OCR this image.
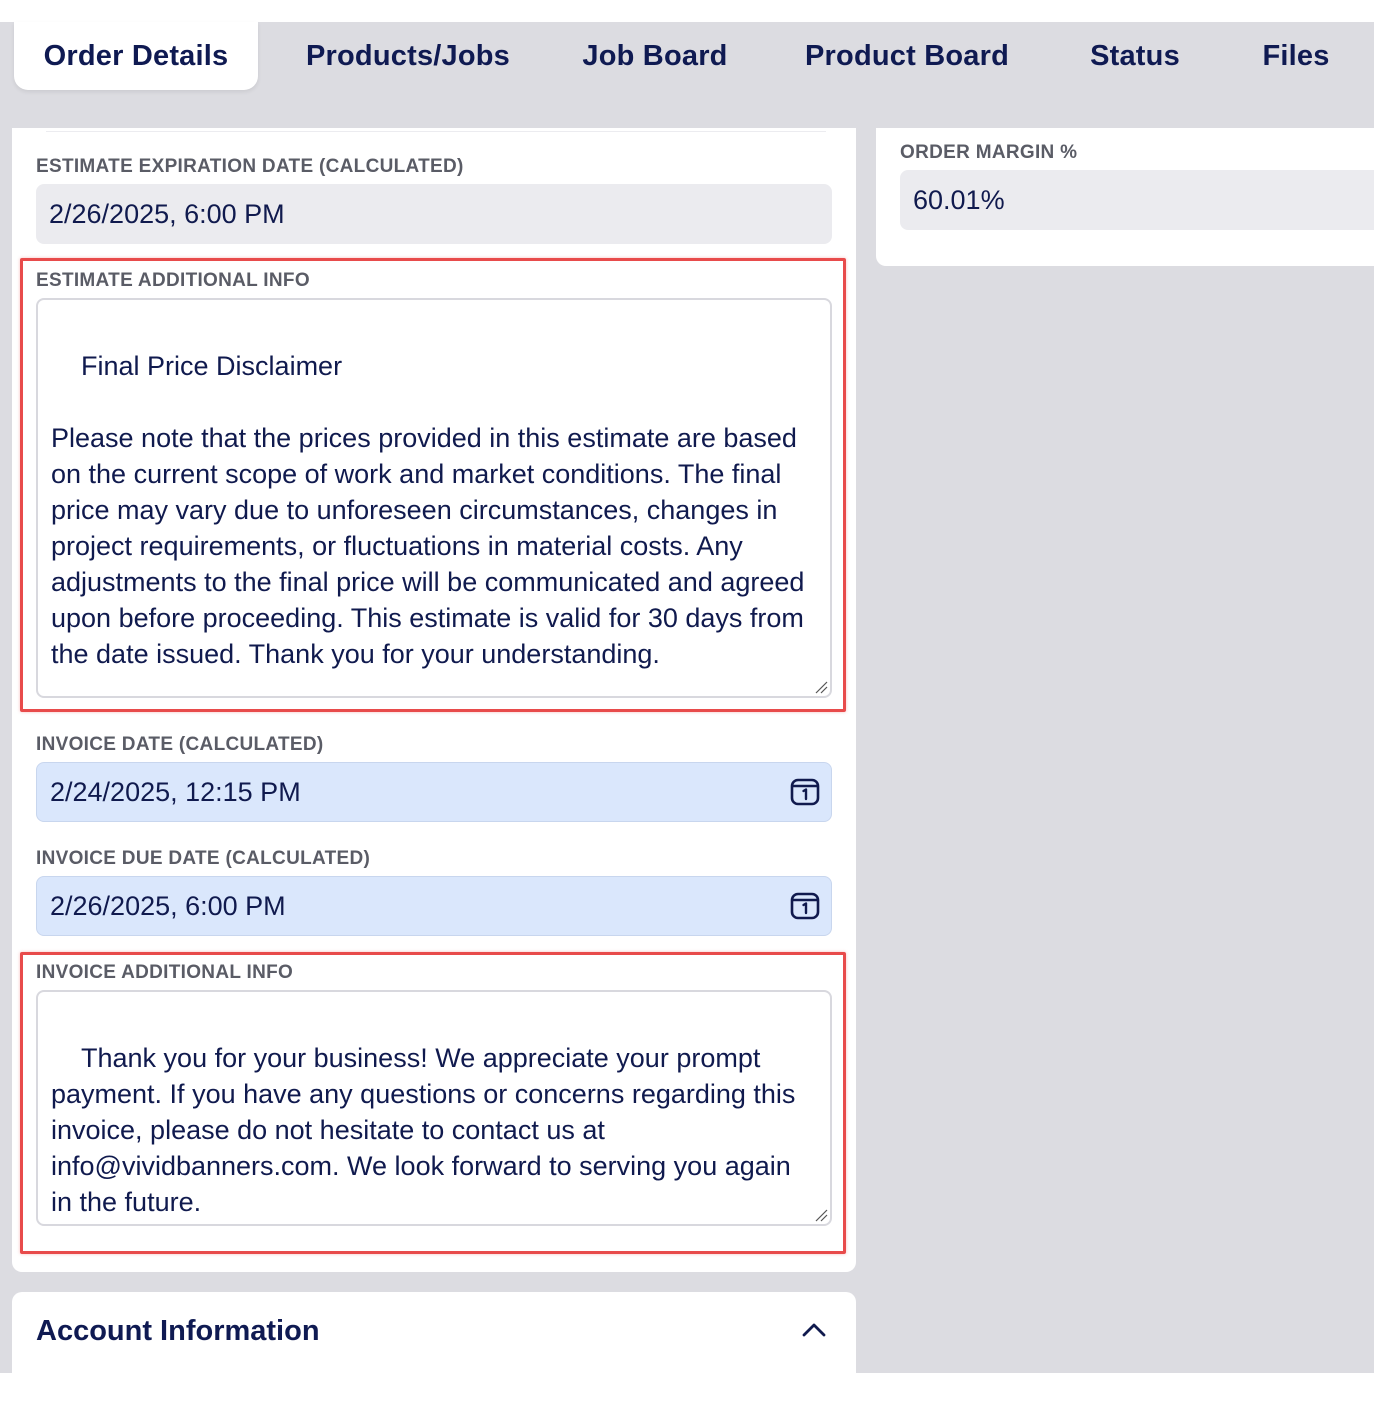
Order Details	Products/Jobs Job Board	Product Board	Status	Files
ESTIMATE EXPIRATION DATE (CALCULATED)
2/26/2025, 6:00 PM
ESTIMATE ADDITIONAL INFO

Final Price Disclaimer

Please note that the prices provided in this estimate are based on the current scope of work and market conditions. The final price may vary due to unforeseen circumstances, changes in project requirements, or fluctuations in material costs. Any adjustments to the final price will be communicated and agreed upon before proceeding. This estimate is valid for 30 days from the date issued. Thank you for your understanding.

INVOICE DATE (CALCULATED)
2/24/2025, 12:15 PM
INVOICE DUE DATE (CALCULATED)
2/26/2025, 6:00 PM
INVOICE ADDITIONAL INFO

Thank you for your business! We appreciate your prompt payment. If you have any questions or concerns regarding this invoice, please do not hesitate to contact us at info@vividbanners.com. We look forward to serving you again in the future.

ORDER MARGIN %
60.01%
Account Information
